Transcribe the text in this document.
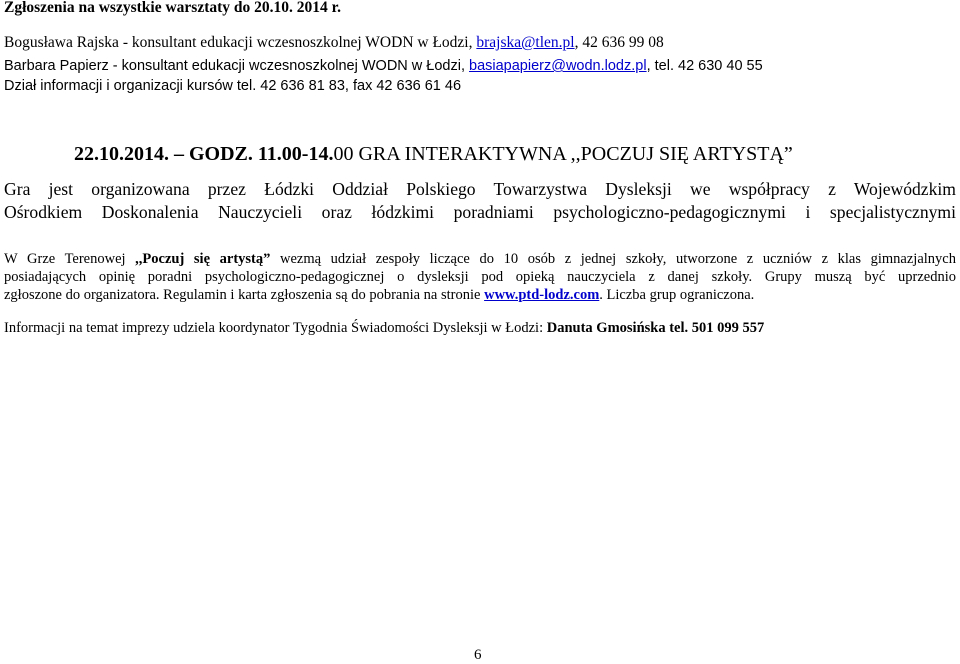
Zgłoszenia na wszystkie warsztaty do 20.10. 2014 r.
Bogusława Rajska - konsultant edukacji wczesnoszkolnej WODN w Łodzi, brajska@tlen.pl, 42 636 99 08
Barbara Papierz - konsultant edukacji wczesnoszkolnej WODN w Łodzi, basiapapierz@wodn.lodz.pl, tel. 42 630 40 55
Dział informacji i organizacji kursów tel. 42 636 81 83, fax 42 636 61 46
22.10.2014. – GODZ. 11.00-14.00 GRA INTERAKTYWNA ,,POCZUJ SIĘ ARTYSTĄ”
Gra jest organizowana przez Łódzki Oddział Polskiego Towarzystwa Dysleksji we współpracy z Wojewódzkim
Ośrodkiem Doskonalenia Nauczycieli oraz łódzkimi poradniami psychologiczno-pedagogicznymi i specjalistycznymi
W Grze Terenowej ,,Poczuj się artystą” wezmą udział zespoły liczące do 10 osób z jednej szkoły, utworzone z uczniów z klas gimnazjalnych
posiadających opinię poradni psychologiczno-pedagogicznej o dysleksji pod opieką nauczyciela z danej szkoły. Grupy muszą być uprzednio
zgłoszone do organizatora. Regulamin i karta zgłoszenia są do pobrania na stronie www.ptd-lodz.com. Liczba grup ograniczona.
Informacji na temat imprezy udziela koordynator Tygodnia Świadomości Dysleksji w Łodzi: Danuta Gmosińska tel. 501 099 557
6
